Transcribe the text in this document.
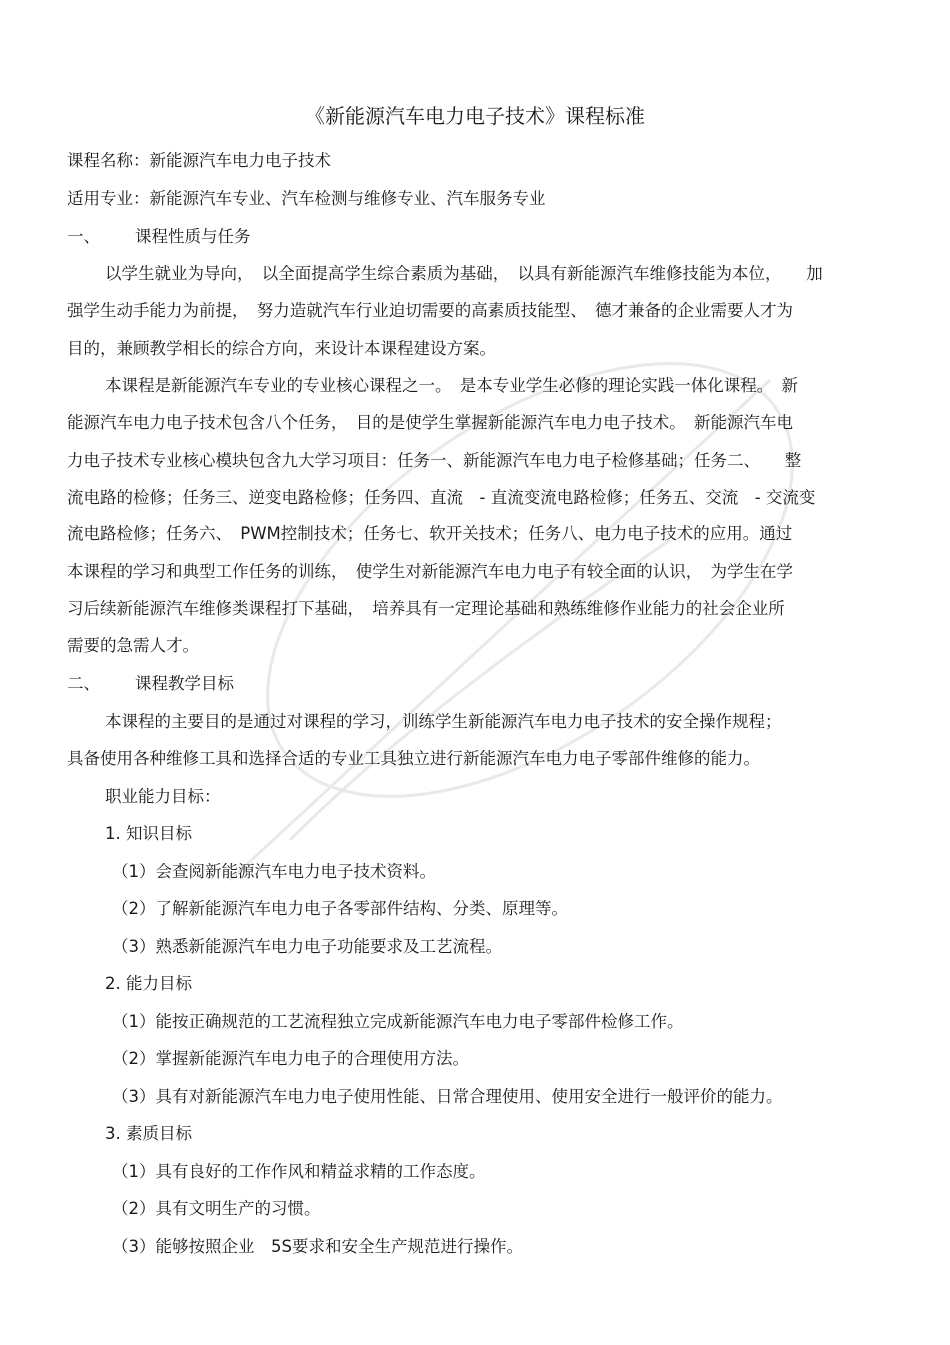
《新能源汽车电力电子技术》课程标准
课程名称：新能源汽车电力电子技术
适用专业：新能源汽车专业、汽车检测与维修专业、汽车服务专业
一、 课程性质与任务
以学生就业为导向，　以全面提高学生综合素质为基础，　以具有新能源汽车维修技能为本位，　　加
强学生动手能力为前提，　努力造就汽车行业迫切需要的高素质技能型、　德才兼备的企业需要人才为
目的，兼顾教学相长的综合方向，来设计本课程建设方案。
本课程是新能源汽车专业的专业核心课程之一。　是本专业学生必修的理论实践一体化课程。　新
能源汽车电力电子技术包含八个任务，　目的是使学生掌握新能源汽车电力电子技术。　新能源汽车电
力电子技术专业核心模块包含九大学习项目：任务一、新能源汽车电力电子检修基础；任务二、　　整
流电路的检修；任务三、逆变电路检修；任务四、直流　- 直流变流电路检修；任务五、交流　- 交流变
流电路检修；任务六、　PWM控制技术；任务七、软开关技术；任务八、电力电子技术的应用。通过
本课程的学习和典型工作任务的训练，　使学生对新能源汽车电力电子有较全面的认识，　为学生在学
习后续新能源汽车维修类课程打下基础，　培养具有一定理论基础和熟练维修作业能力的社会企业所
需要的急需人才。
二、 课程教学目标
本课程的主要目的是通过对课程的学习，训练学生新能源汽车电力电子技术的安全操作规程；
具备使用各种维修工具和选择合适的专业工具独立进行新能源汽车电力电子零部件维修的能力。
职业能力目标：
1. 知识目标
（1）会查阅新能源汽车电力电子技术资料。
（2）了解新能源汽车电力电子各零部件结构、分类、原理等。
（3）熟悉新能源汽车电力电子功能要求及工艺流程。
2. 能力目标
（1）能按正确规范的工艺流程独立完成新能源汽车电力电子零部件检修工作。
（2）掌握新能源汽车电力电子的合理使用方法。
（3）具有对新能源汽车电力电子使用性能、日常合理使用、使用安全进行一般评价的能力。
3. 素质目标
（1）具有良好的工作作风和精益求精的工作态度。
（2）具有文明生产的习惯。
（3）能够按照企业　5S要求和安全生产规范进行操作。
